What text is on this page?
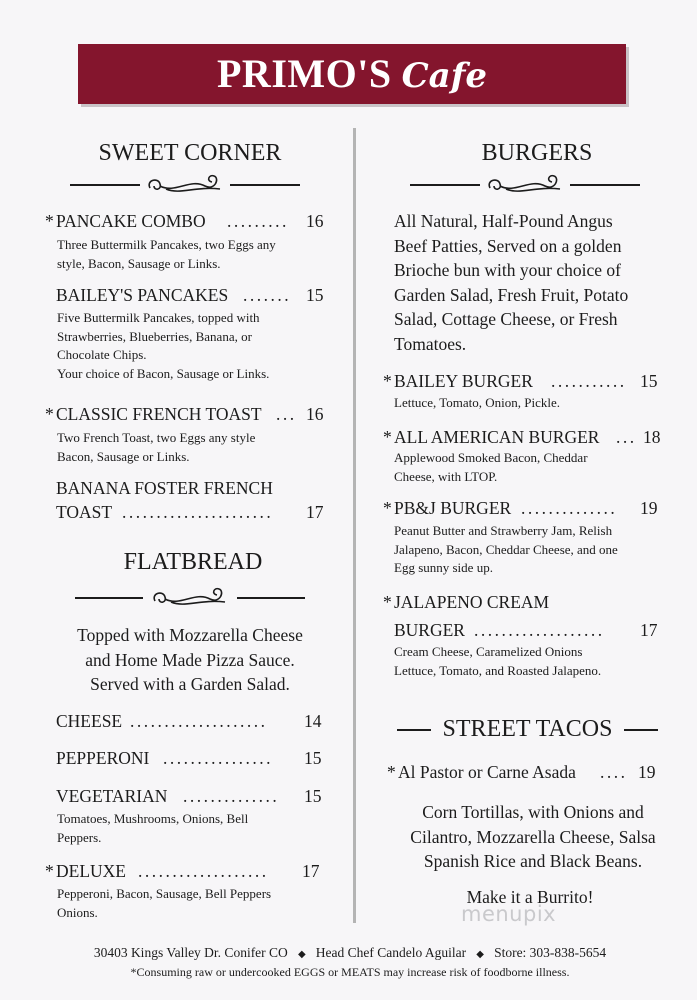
PRIMO'S Cafe
SWEET CORNER
* PANCAKE COMBO ......... 16
Three Buttermilk Pancakes, two Eggs any
style, Bacon, Sausage or Links.
BAILEY'S PANCAKES ....... 15
Five Buttermilk Pancakes, topped with
Strawberries, Blueberries, Banana, or
Chocolate Chips.
Your choice of Bacon, Sausage or Links.
* CLASSIC FRENCH TOAST ... 16
Two French Toast, two Eggs any style
Bacon, Sausage or Links.
BANANA FOSTER FRENCH
TOAST ...................... 17
FLATBREAD
Topped with Mozzarella Cheese
and Home Made Pizza Sauce.
Served with a Garden Salad.
CHEESE .................... 14
PEPPERONI ................ 15
VEGETARIAN .............. 15
Tomatoes, Mushrooms, Onions, Bell
Peppers.
* DELUXE ................... 17
Pepperoni, Bacon, Sausage, Bell Peppers
Onions.
BURGERS
All Natural, Half-Pound Angus
Beef Patties, Served on a golden
Brioche bun with your choice of
Garden Salad, Fresh Fruit, Potato
Salad, Cottage Cheese, or Fresh
Tomatoes.
* BAILEY BURGER ........... 15
Lettuce, Tomato, Onion, Pickle.
* ALL AMERICAN BURGER ... 18
Applewood Smoked Bacon, Cheddar
Cheese, with LTOP.
* PB&J BURGER .............. 19
Peanut Butter and Strawberry Jam, Relish
Jalapeno, Bacon, Cheddar Cheese, and one
Egg sunny side up.
* JALAPENO CREAM
BURGER ................... 17
Cream Cheese, Caramelized Onions
Lettuce, Tomato, and Roasted Jalapeno.
STREET TACOS
* Al Pastor or Carne Asada .... 19
Corn Tortillas, with Onions and
Cilantro, Mozzarella Cheese, Salsa
Spanish Rice and Black Beans.
Make it a Burrito!
menupix
30403 Kings Valley Dr. Conifer CO ◆ Head Chef Candelo Aguilar ◆ Store: 303-838-5654
*Consuming raw or undercooked EGGS or MEATS may increase risk of foodborne illness.
